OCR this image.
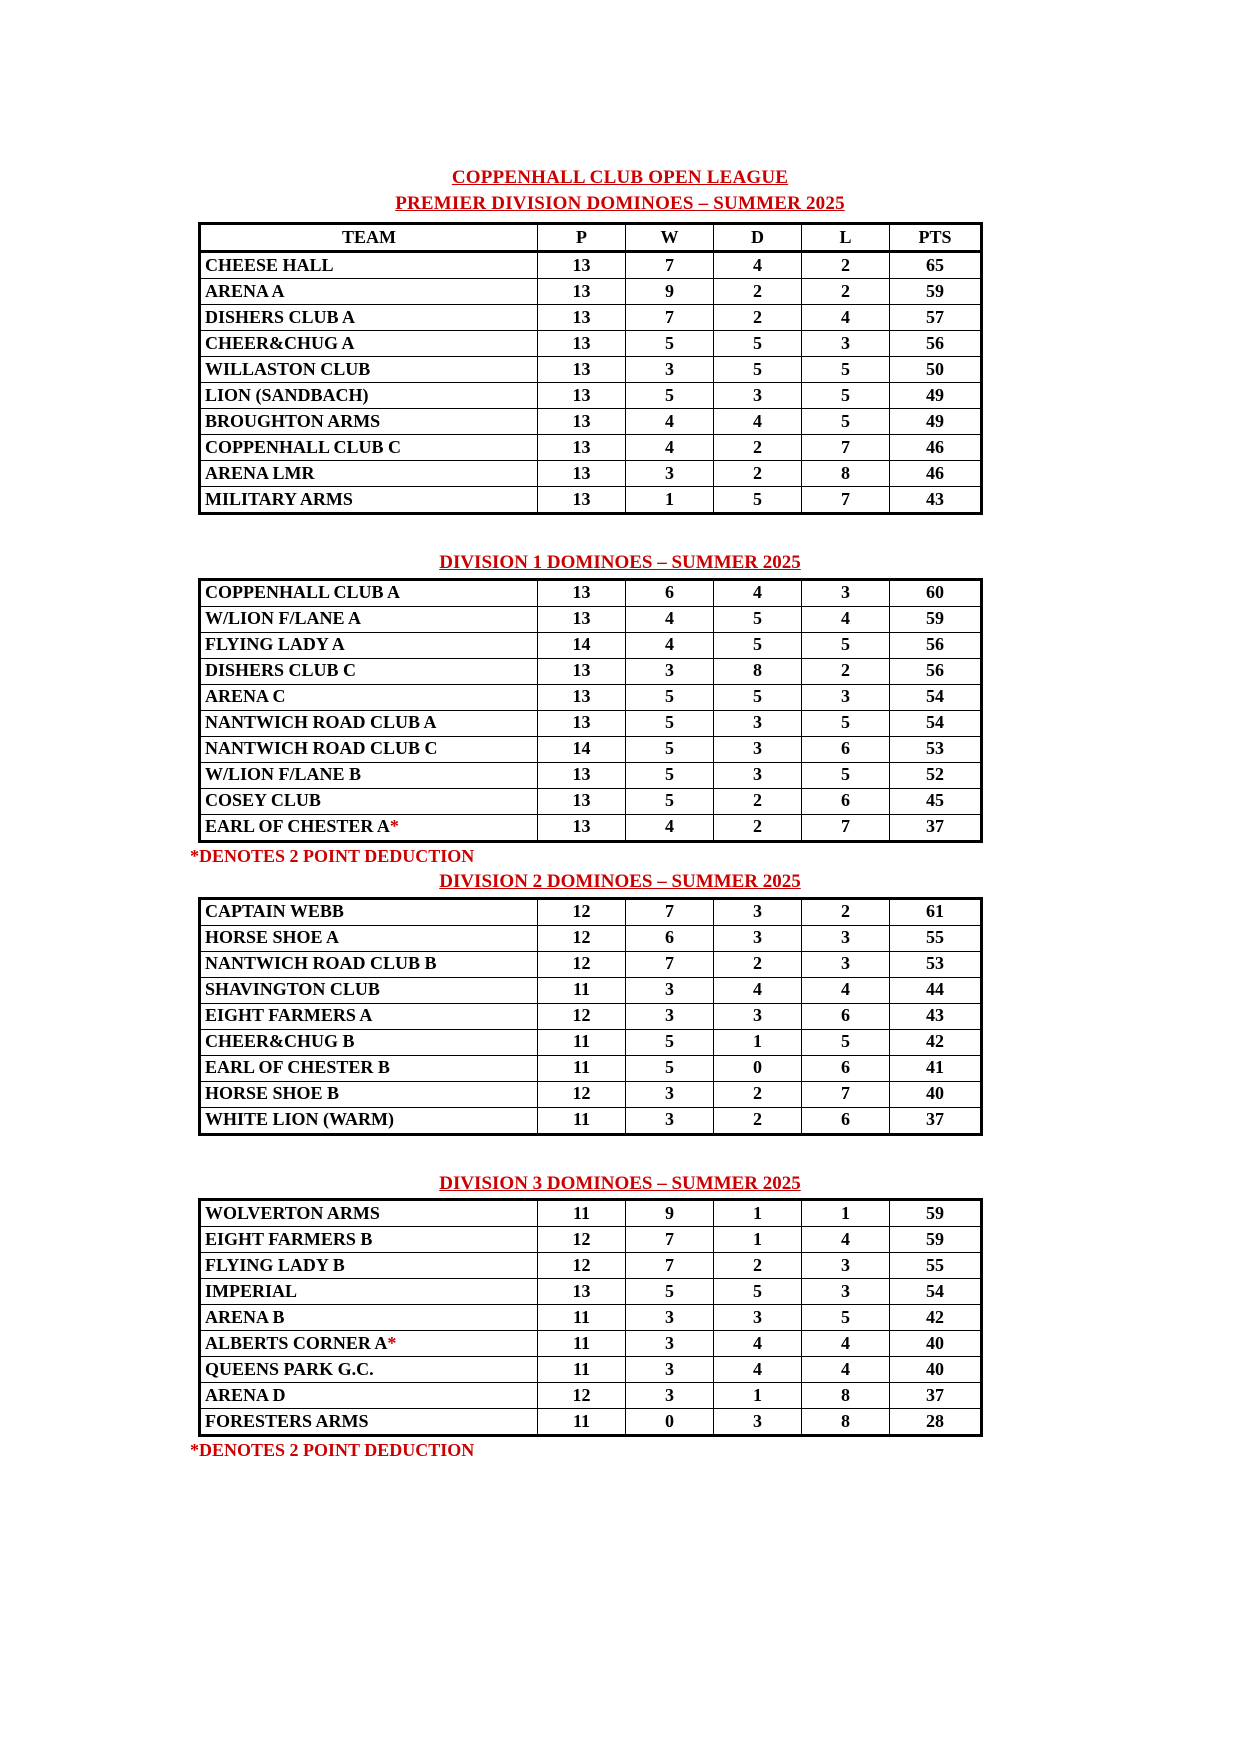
COPPENHALL CLUB OPEN LEAGUE
PREMIER DIVISION DOMINOES – SUMMER 2025
TEAM	P	W	D	L	PTS
CHEESE HALL	13	7	4	2	65
ARENA A	13	9	2	2	59
DISHERS CLUB A	13	7	2	4	57
CHEER&CHUG A	13	5	5	3	56
WILLASTON CLUB	13	3	5	5	50
LION (SANDBACH)	13	5	3	5	49
BROUGHTON ARMS	13	4	4	5	49
COPPENHALL CLUB C	13	4	2	7	46
ARENA LMR	13	3	2	8	46
MILITARY ARMS	13	1	5	7	43
DIVISION 1 DOMINOES – SUMMER 2025
COPPENHALL CLUB A	13	6	4	3	60
W/LION F/LANE A	13	4	5	4	59
FLYING LADY A	14	4	5	5	56
DISHERS CLUB C	13	3	8	2	56
ARENA C	13	5	5	3	54
NANTWICH ROAD CLUB A	13	5	3	5	54
NANTWICH ROAD CLUB C	14	5	3	6	53
W/LION F/LANE B	13	5	3	5	52
COSEY CLUB	13	5	2	6	45
EARL OF CHESTER A*	13	4	2	7	37
*DENOTES 2 POINT DEDUCTION
DIVISION 2 DOMINOES – SUMMER 2025
CAPTAIN WEBB	12	7	3	2	61
HORSE SHOE A	12	6	3	3	55
NANTWICH ROAD CLUB B	12	7	2	3	53
SHAVINGTON CLUB	11	3	4	4	44
EIGHT FARMERS A	12	3	3	6	43
CHEER&CHUG B	11	5	1	5	42
EARL OF CHESTER B	11	5	0	6	41
HORSE SHOE B	12	3	2	7	40
WHITE LION (WARM)	11	3	2	6	37
DIVISION 3 DOMINOES – SUMMER 2025
WOLVERTON ARMS	11	9	1	1	59
EIGHT FARMERS B	12	7	1	4	59
FLYING LADY B	12	7	2	3	55
IMPERIAL	13	5	5	3	54
ARENA B	11	3	3	5	42
ALBERTS CORNER A*	11	3	4	4	40
QUEENS PARK G.C.	11	3	4	4	40
ARENA D	12	3	1	8	37
FORESTERS ARMS	11	0	3	8	28
*DENOTES 2 POINT DEDUCTION
